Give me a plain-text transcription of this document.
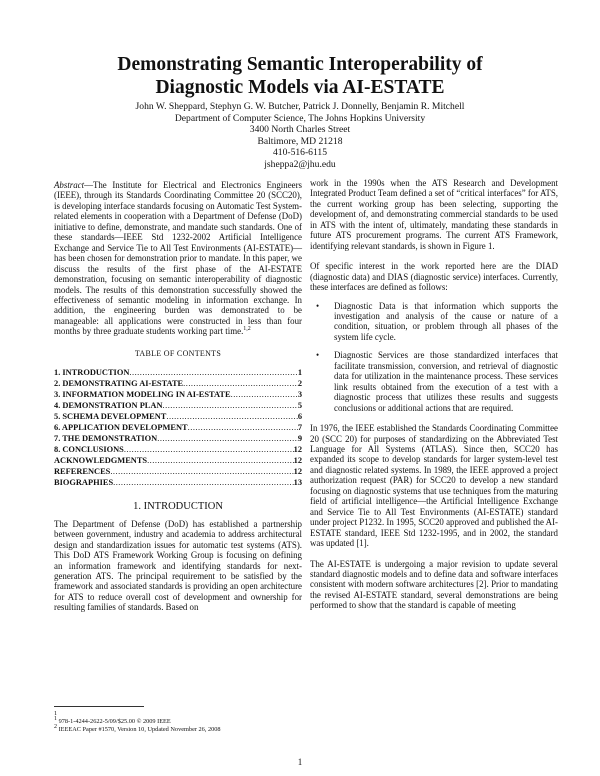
Demonstrating Semantic Interoperability of
Diagnostic Models via AI-ESTATE
John W. Sheppard, Stephyn G. W. Butcher, Patrick J. Donnelly, Benjamin R. Mitchell
Department of Computer Science, The Johns Hopkins University
3400 North Charles Street
Baltimore, MD 21218
410-516-6115
jsheppa2@jhu.edu

Abstract—The Institute for Electrical and Electronics Engineers (IEEE), through its Standards Coordinating Committee 20 (SCC20), is developing interface standards focusing on Automatic Test System-related elements in cooperation with a Department of Defense (DoD) initiative to define, demonstrate, and mandate such standards. One of these standards—IEEE Std 1232-2002 Artificial Intelligence Exchange and Service Tie to All Test Environments (AI-ESTATE)—has been chosen for demonstration prior to mandate. In this paper, we discuss the results of the first phase of the AI-ESTATE demonstration, focusing on semantic interoperability of diagnostic models. The results of this demonstration successfully showed the effectiveness of semantic modeling in information exchange. In addition, the engineering burden was demonstrated to be manageable: all applications were constructed in less than four months by three graduate students working part time.$^{1,2}$

TABLE OF CONTENTS
1. INTRODUCTION .....	1
2. DEMONSTRATING AI-ESTATE .....	2
3. INFORMATION MODELING IN AI-ESTATE .....	3
4. DEMONSTRATION PLAN .....	5
5. SCHEMA DEVELOPMENT .....	6
6. APPLICATION DEVELOPMENT .....	7
7. THE DEMONSTRATION .....	9
8. CONCLUSIONS .....	12
ACKNOWLEDGMENTS .....	12
REFERENCES .....	12
BIOGRAPHIES .....	13
1. INTRODUCTION

The Department of Defense (DoD) has established a partnership between government, industry and academia to address architectural design and standardization issues for automatic test systems (ATS). This DoD ATS Framework Working Group is focusing on defining an information framework and identifying standards for next-generation ATS. The principal requirement to be satisfied by the framework and associated standards is providing an open architecture for ATS to reduce overall cost of development and ownership for resulting families of standards. Based on

work in the 1990s when the ATS Research and Development Integrated Product Team defined a set of “critical interfaces” for ATS, the current working group has been selecting, supporting the development of, and demonstrating commercial standards to be used in ATS with the intent of, ultimately, mandating these standards in future ATS procurement programs. The current ATS Framework, identifying relevant standards, is shown in Figure 1.

Of specific interest in the work reported here are the DIAD (diagnostic data) and DIAS (diagnostic service) interfaces. Currently, these interfaces are defined as follows:

• Diagnostic Data is that information which supports the investigation and analysis of the cause or nature of a condition, situation, or problem through all phases of the system life cycle.

• Diagnostic Services are those standardized interfaces that facilitate transmission, conversion, and retrieval of diagnostic data for utilization in the maintenance process. These services link results obtained from the execution of a test with a diagnostic process that utilizes these results and suggests conclusions or additional actions that are required.

In 1976, the IEEE established the Standards Coordinating Committee 20 (SCC 20) for purposes of standardizing on the Abbreviated Test Language for All Systems (ATLAS). Since then, SCC20 has expanded its scope to develop standards for larger system-level test and diagnostic related systems. In 1989, the IEEE approved a project authorization request (PAR) for SCC20 to develop a new standard focusing on diagnostic systems that use techniques from the maturing field of artificial intelligence—the Artificial Intelligence Exchange and Service Tie to All Test Environments (AI-ESTATE) standard under project P1232. In 1995, SCC20 approved and published the AI-ESTATE standard, IEEE Std 1232-1995, and in 2002, the standard was updated [1].

The AI-ESTATE is undergoing a major revision to update several standard diagnostic models and to define data and software interfaces consistent with modern software architectures [2]. Prior to mandating the revised AI-ESTATE standard, several demonstrations are being performed to show that the standard is capable of meeting

1
$^1$ 978-1-4244-2622-5/09/$25.00 © 2009 IEEE
$^2$ IEEEAC Paper #1570, Version 10, Updated November 26, 2008
1
